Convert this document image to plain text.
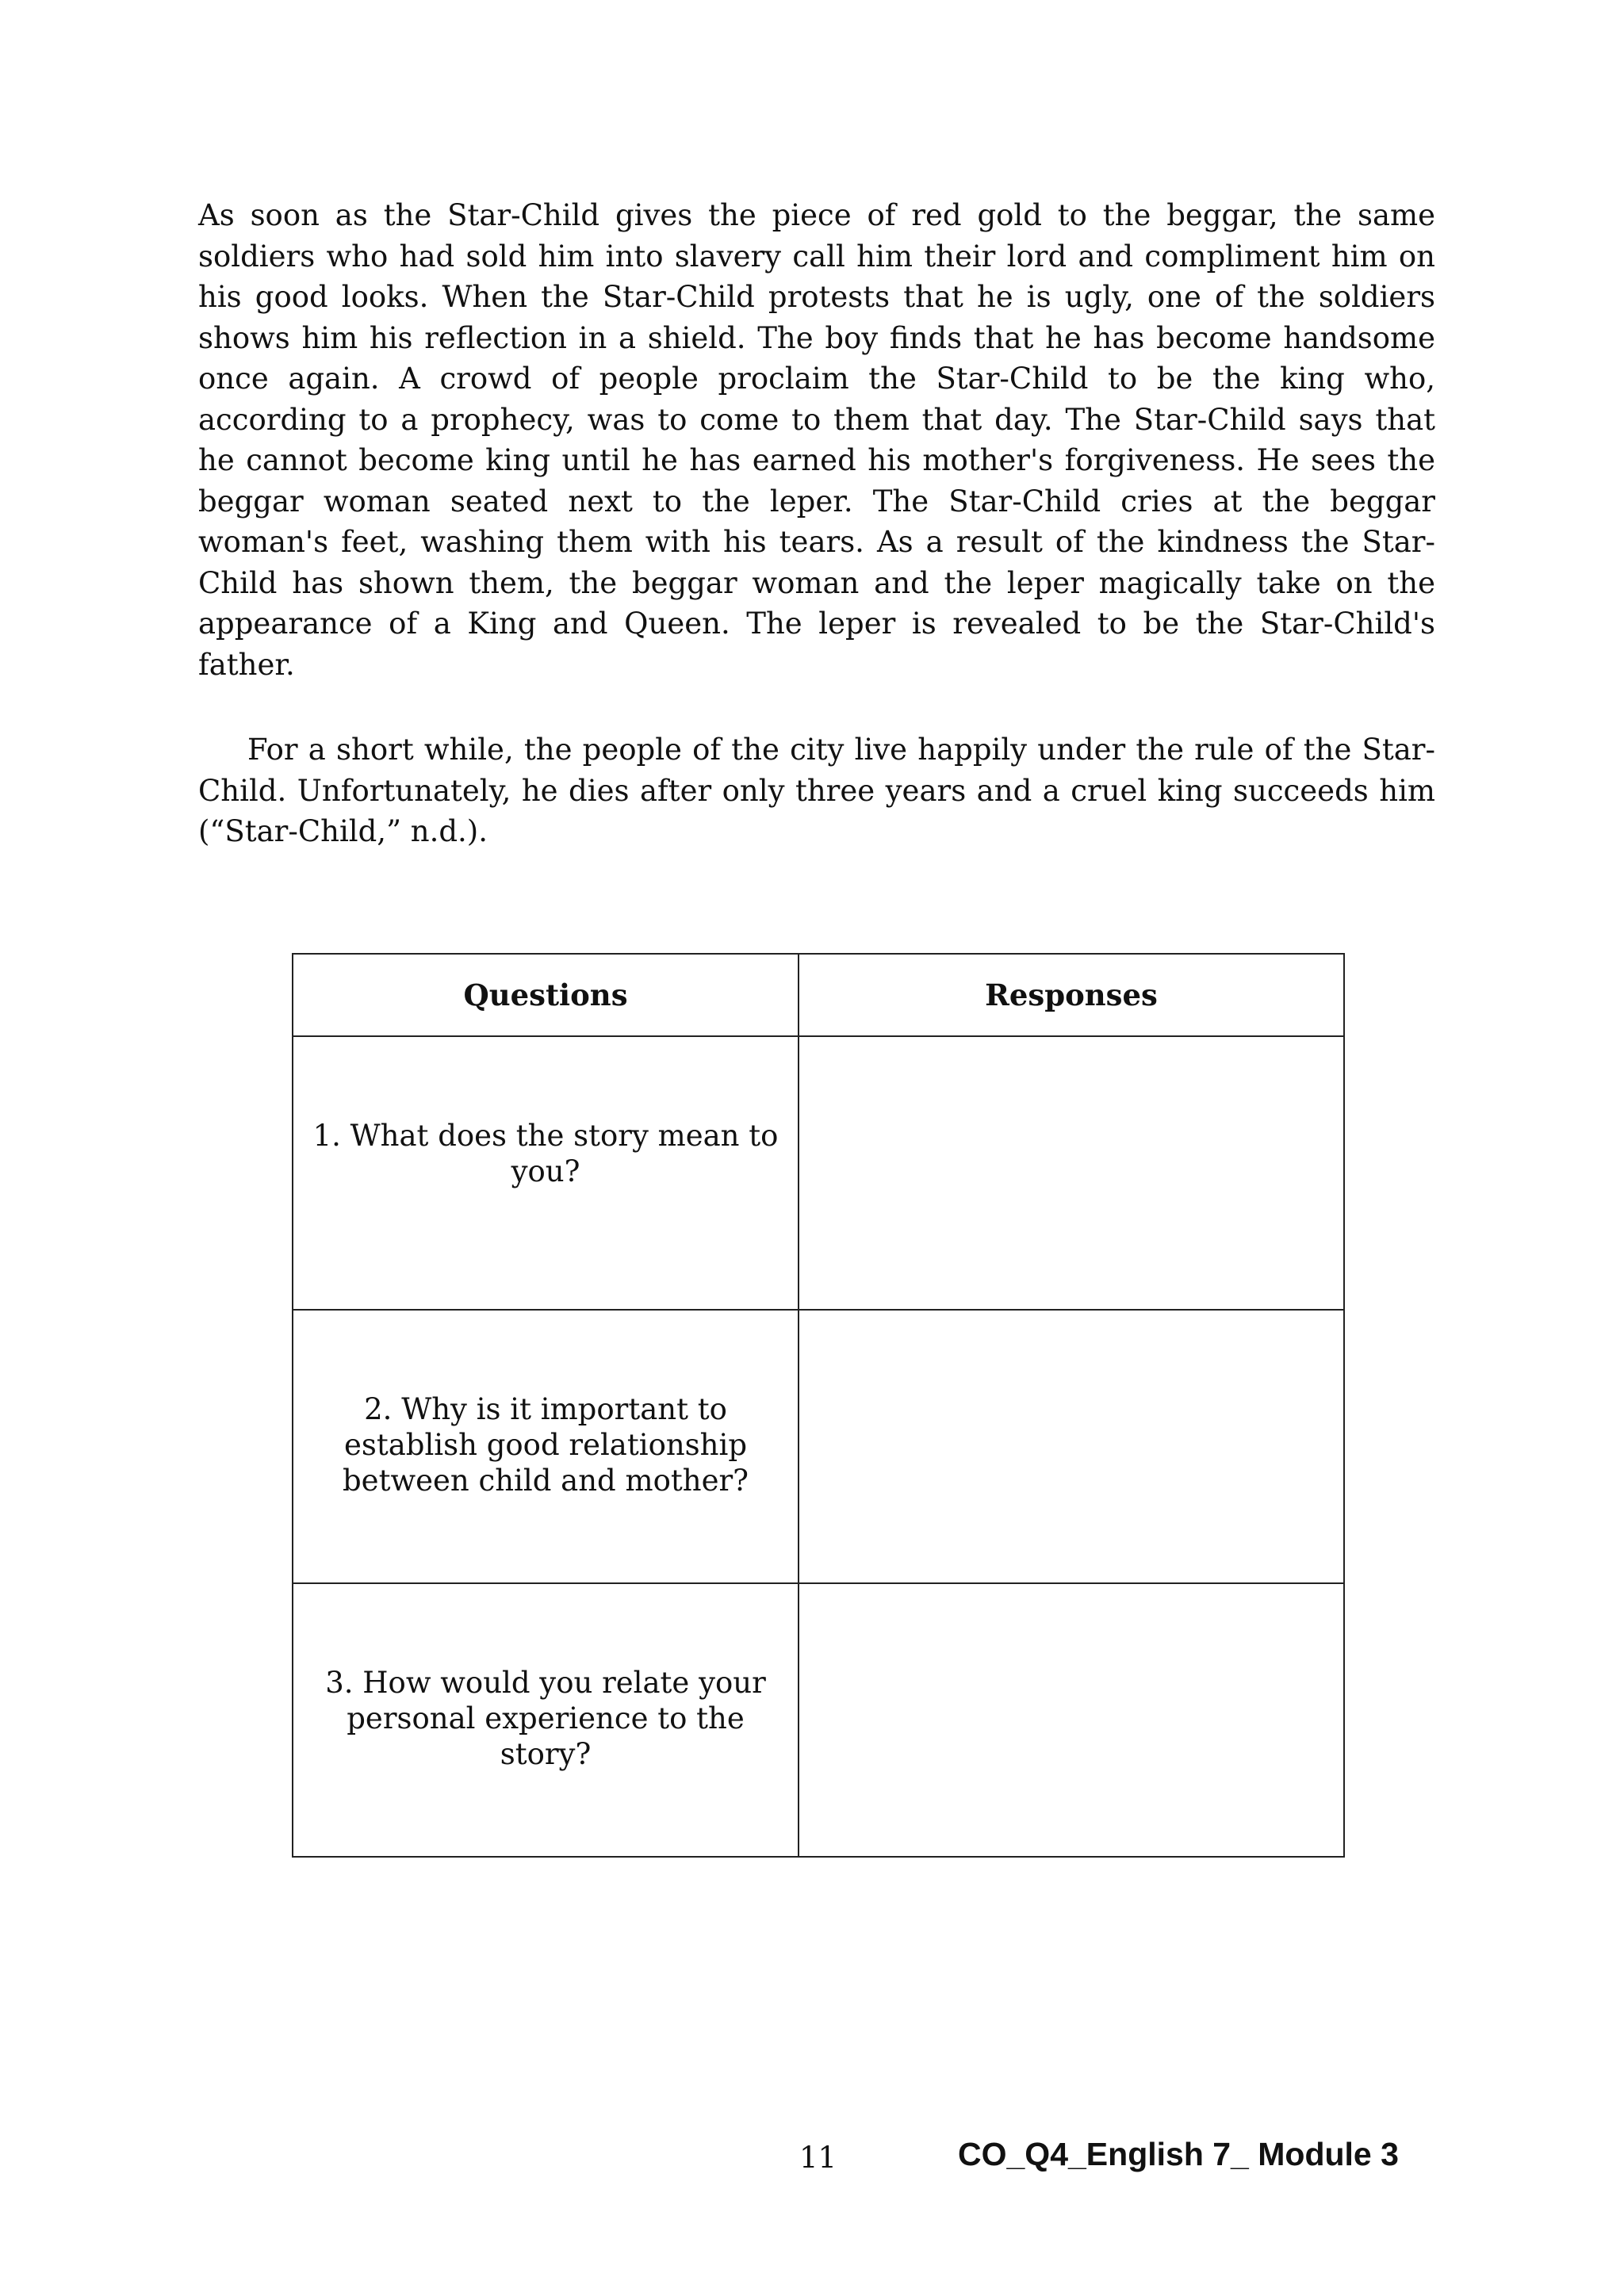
As soon as the Star-Child gives the piece of red gold to the beggar, the same soldiers who had sold him into slavery call him their lord and compliment him on his good looks. When the Star-Child protests that he is ugly, one of the soldiers shows him his reflection in a shield. The boy finds that he has become handsome once again. A crowd of people proclaim the Star-Child to be the king who, according to a prophecy, was to come to them that day. The Star-Child says that he cannot become king until he has earned his mother's forgiveness. He sees the beggar woman seated next to the leper. The Star-Child cries at the beggar woman's feet, washing them with his tears. As a result of the kindness the Star-Child has shown them, the beggar woman and the leper magically take on the appearance of a King and Queen. The leper is revealed to be the Star-Child's father.

For a short while, the people of the city live happily under the rule of the Star-Child. Unfortunately, he dies after only three years and a cruel king succeeds him (“Star-Child,” n.d.).

Questions	Responses
1. What does the story mean to you?	
2. Why is it important to establish good relationship between child and mother?	
3. How would you relate your personal experience to the story?	
11	CO_Q4_English 7_ Module 3
